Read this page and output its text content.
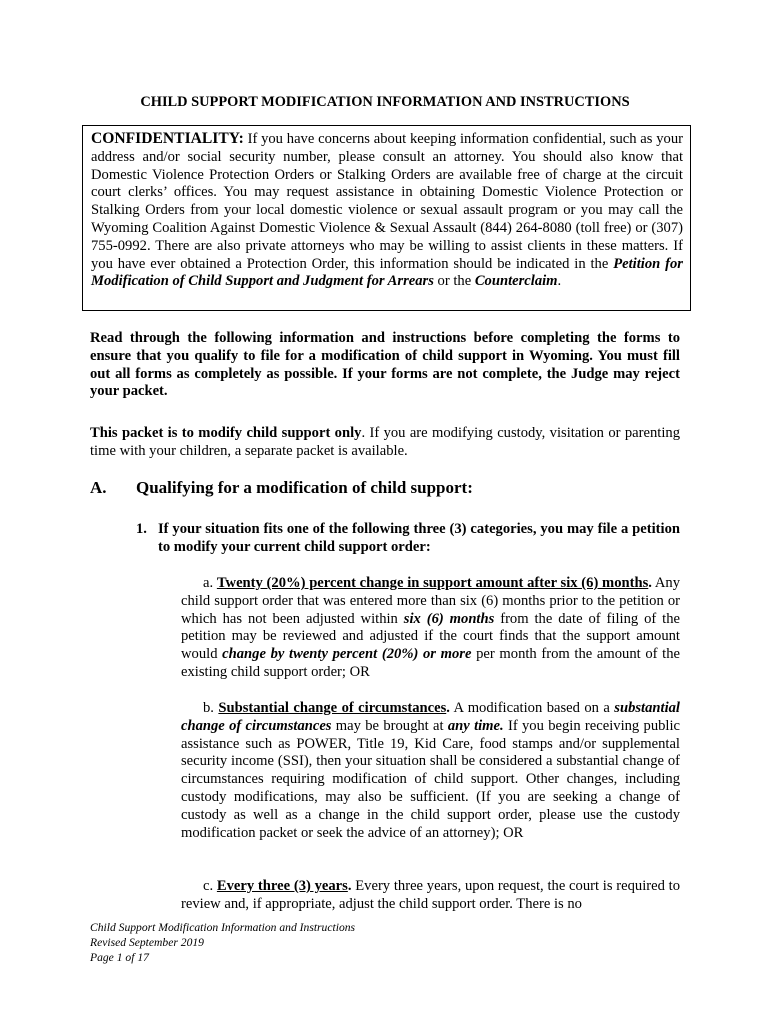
CHILD SUPPORT MODIFICATION INFORMATION AND INSTRUCTIONS
CONFIDENTIALITY: If you have concerns about keeping information confidential, such as your address and/or social security number, please consult an attorney. You should also know that Domestic Violence Protection Orders or Stalking Orders are available free of charge at the circuit court clerks’ offices. You may request assistance in obtaining Domestic Violence Protection or Stalking Orders from your local domestic violence or sexual assault program or you may call the Wyoming Coalition Against Domestic Violence & Sexual Assault (844) 264-8080 (toll free) or (307) 755-0992. There are also private attorneys who may be willing to assist clients in these matters. If you have ever obtained a Protection Order, this information should be indicated in the Petition for Modification of Child Support and Judgment for Arrears or the Counterclaim.
Read through the following information and instructions before completing the forms to ensure that you qualify to file for a modification of child support in Wyoming. You must fill out all forms as completely as possible. If your forms are not complete, the Judge may reject your packet.
This packet is to modify child support only. If you are modifying custody, visitation or parenting time with your children, a separate packet is available.
A. Qualifying for a modification of child support:
1. If your situation fits one of the following three (3) categories, you may file a petition to modify your current child support order:
a. Twenty (20%) percent change in support amount after six (6) months. Any child support order that was entered more than six (6) months prior to the petition or which has not been adjusted within six (6) months from the date of filing of the petition may be reviewed and adjusted if the court finds that the support amount would change by twenty percent (20%) or more per month from the amount of the existing child support order; OR
b. Substantial change of circumstances. A modification based on a substantial change of circumstances may be brought at any time. If you begin receiving public assistance such as POWER, Title 19, Kid Care, food stamps and/or supplemental security income (SSI), then your situation shall be considered a substantial change of circumstances requiring modification of child support. Other changes, including custody modifications, may also be sufficient. (If you are seeking a change of custody as well as a change in the child support order, please use the custody modification packet or seek the advice of an attorney); OR
c. Every three (3) years. Every three years, upon request, the court is required to review and, if appropriate, adjust the child support order. There is no
Child Support Modification Information and Instructions
Revised September 2019
Page 1 of 17
